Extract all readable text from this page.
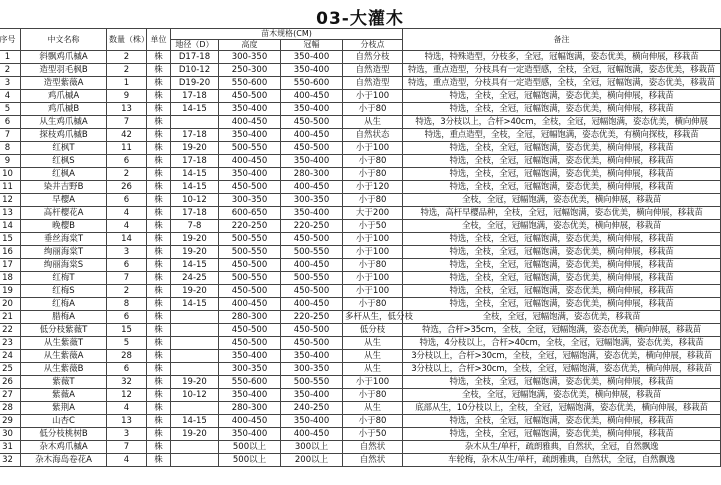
03-大灌木
序号	中文名称	数量（株）	单位	苗木规格(CM)				备注
				地径（D）	高度	冠幅	分枝点	
1	斜飘鸡爪槭A	2	株	D17-18	300-350	350-400	自然分枝	特选，特殊造型，分枝多，全冠，冠幅饱满，姿态优美，横向伸展，移栽苗
2	造型羽毛枫B	2	株	D10-12	250-300	350-400	自然造型	特选，重点造型，分枝具有一定造型感，全枝，全冠，冠幅饱满，姿态优美，移栽苗
3	造型紫薇A	1	株	D19-20	550-600	550-600	自然造型	特选，重点造型，分枝具有一定造型感，全枝，全冠，冠幅饱满，姿态优美，移栽苗
4	鸡爪槭A	9	株	17-18	450-500	400-450	小于100	特选，全枝，全冠，冠幅饱满，姿态优美，横向伸展，移栽苗
5	鸡爪槭B	13	株	14-15	350-400	350-400	小于80	特选，全枝，全冠，冠幅饱满，姿态优美，横向伸展，移栽苗
6	从生鸡爪槭A	7	株		400-450	450-500	从生	特选，3分枝以上，合杆>40cm，全枝，全冠，冠幅饱满，姿态优美，横向伸展
7	探枝鸡爪槭B	42	株	17-18	350-400	400-450	自然状态	特选，重点造型，全枝，全冠，冠幅饱满，姿态优美，有横向探枝，移栽苗
8	红枫T	11	株	19-20	500-550	450-500	小于100	特选，全枝，全冠，冠幅饱满，姿态优美，横向伸展，移栽苗
9	红枫S	6	株	17-18	400-450	350-400	小于80	特选，全枝，全冠，冠幅饱满，姿态优美，横向伸展，移栽苗
10	红枫A	2	株	14-15	350-400	280-300	小于80	特选，全枝，全冠，冠幅饱满，姿态优美，横向伸展，移栽苗
11	染井吉野B	26	株	14-15	450-500	400-450	小于120	特选，全枝，全冠，冠幅饱满，姿态优美，横向伸展，移栽苗
12	早樱A	6	株	10-12	300-350	300-350	小于80	全枝，全冠，冠幅饱满，姿态优美，横向伸展，移栽苗
13	高杆樱花A	4	株	17-18	600-650	350-400	大于200	特选，高杆早樱品种，全枝，全冠，冠幅饱满，姿态优美，横向伸展，移栽苗
14	晚樱B	4	株	7-8	220-250	220-250	小于50	全枝，全冠，冠幅饱满，姿态优美，横向伸展，移栽苗
15	垂丝海棠T	14	株	19-20	500-550	450-500	小于100	特选，全枝，全冠，冠幅饱满，姿态优美，横向伸展，移栽苗
16	绚丽海棠T	3	株	19-20	500-550	500-550	小于100	特选，全枝，全冠，冠幅饱满，姿态优美，横向伸展，移栽苗
17	绚丽海棠S	6	株	14-15	450-500	400-450	小于80	特选，全枝，全冠，冠幅饱满，姿态优美，横向伸展，移栽苗
18	红梅T	7	株	24-25	500-550	500-550	小于100	特选，全枝，全冠，冠幅饱满，姿态优美，横向伸展，移栽苗
19	红梅S	2	株	19-20	450-500	450-500	小于100	特选，全枝，全冠，冠幅饱满，姿态优美，横向伸展，移栽苗
20	红梅A	8	株	14-15	400-450	400-450	小于80	特选，全枝，全冠，冠幅饱满，姿态优美，横向伸展，移栽苗
21	腊梅A	6	株		280-300	220-250	多杆从生，低分枝	全枝，全冠，冠幅饱满，姿态优美，移栽苗
22	低分枝紫薇T	15	株		450-500	450-500	低分枝	特选，合杆>35cm，全枝，全冠，冠幅饱满，姿态优美，横向伸展，移栽苗
23	从生紫薇T	5	株		450-500	450-500	从生	特选，4分枝以上，合杆>40cm，全枝，全冠，冠幅饱满，姿态优美，移栽苗
24	从生紫薇A	28	株		350-400	350-400	从生	3分枝以上，合杆>30cm，全枝，全冠，冠幅饱满，姿态优美，横向伸展，移栽苗
25	从生紫薇B	6	株		300-350	300-350	从生	3分枝以上，合杆>30cm，全枝，全冠，冠幅饱满，姿态优美，横向伸展，移栽苗
26	紫薇T	32	株	19-20	550-600	500-550	小于100	特选，全枝，全冠，冠幅饱满，姿态优美，横向伸展，移栽苗
27	紫薇A	12	株	10-12	350-400	350-400	小于80	全枝，全冠，冠幅饱满，姿态优美，横向伸展，移栽苗
28	紫荆A	4	株		280-300	240-250	从生	底部从生，10分枝以上，全枝，全冠，冠幅饱满，姿态优美，横向伸展，移栽苗
29	山杏C	13	株	14-15	400-450	350-400	小于80	特选，全枝，全冠，冠幅饱满，姿态优美，横向伸展，移栽苗
30	低分枝桃树B	3	株	19-20	350-400	400-450	小于50	特选，全枝，全冠，冠幅饱满，姿态优美，横向伸展，移栽苗
31	杂木鸡爪槭A	7	株		500以上	300以上	自然状	杂木从生/单杆，疏朗雅典，自然状，全冠，自然飘逸
32	杂木海岛卷花A	4	株		500以上	200以上	自然状	车轮梅，杂木从生/单杆，疏朗雅典，自然状，全冠，自然飘逸
